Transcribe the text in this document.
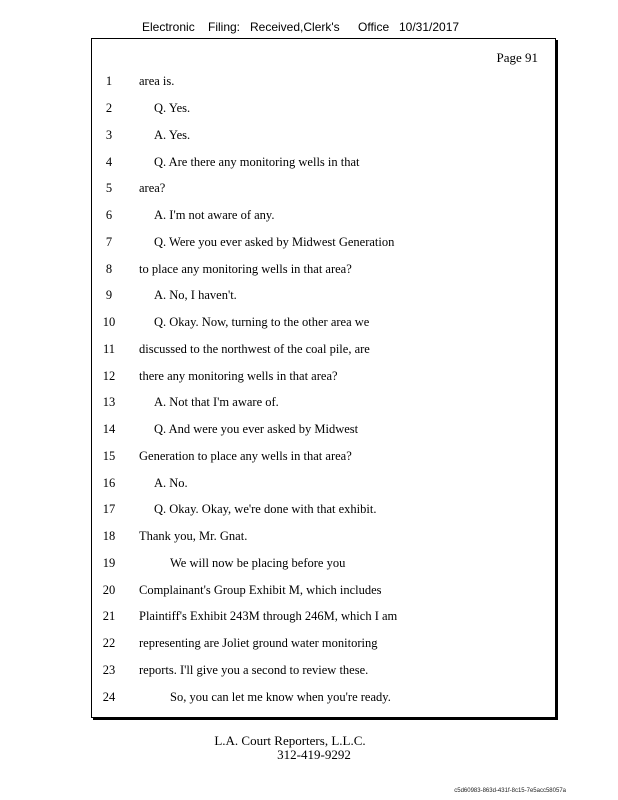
Electronic Filing: Received,Clerk's Office 10/31/2017
Page 91
1	area is.
2	Q. Yes.
3	A. Yes.
4	Q. Are there any monitoring wells in that
5	area?
6	A. I'm not aware of any.
7	Q. Were you ever asked by Midwest Generation
8	to place any monitoring wells in that area?
9	A. No, I haven't.
10	Q. Okay. Now, turning to the other area we
11	discussed to the northwest of the coal pile, are
12	there any monitoring wells in that area?
13	A. Not that I'm aware of.
14	Q. And were you ever asked by Midwest
15	Generation to place any wells in that area?
16	A. No.
17	Q. Okay. Okay, we're done with that exhibit.
18	Thank you, Mr. Gnat.
19	We will now be placing before you
20	Complainant's Group Exhibit M, which includes
21	Plaintiff's Exhibit 243M through 246M, which I am
22	representing are Joliet ground water monitoring
23	reports. I'll give you a second to review these.
24	So, you can let me know when you're ready.
L.A. Court Reporters, L.L.C.
312-419-9292
c5d60983-863d-431f-8c15-7e5acc58057a
